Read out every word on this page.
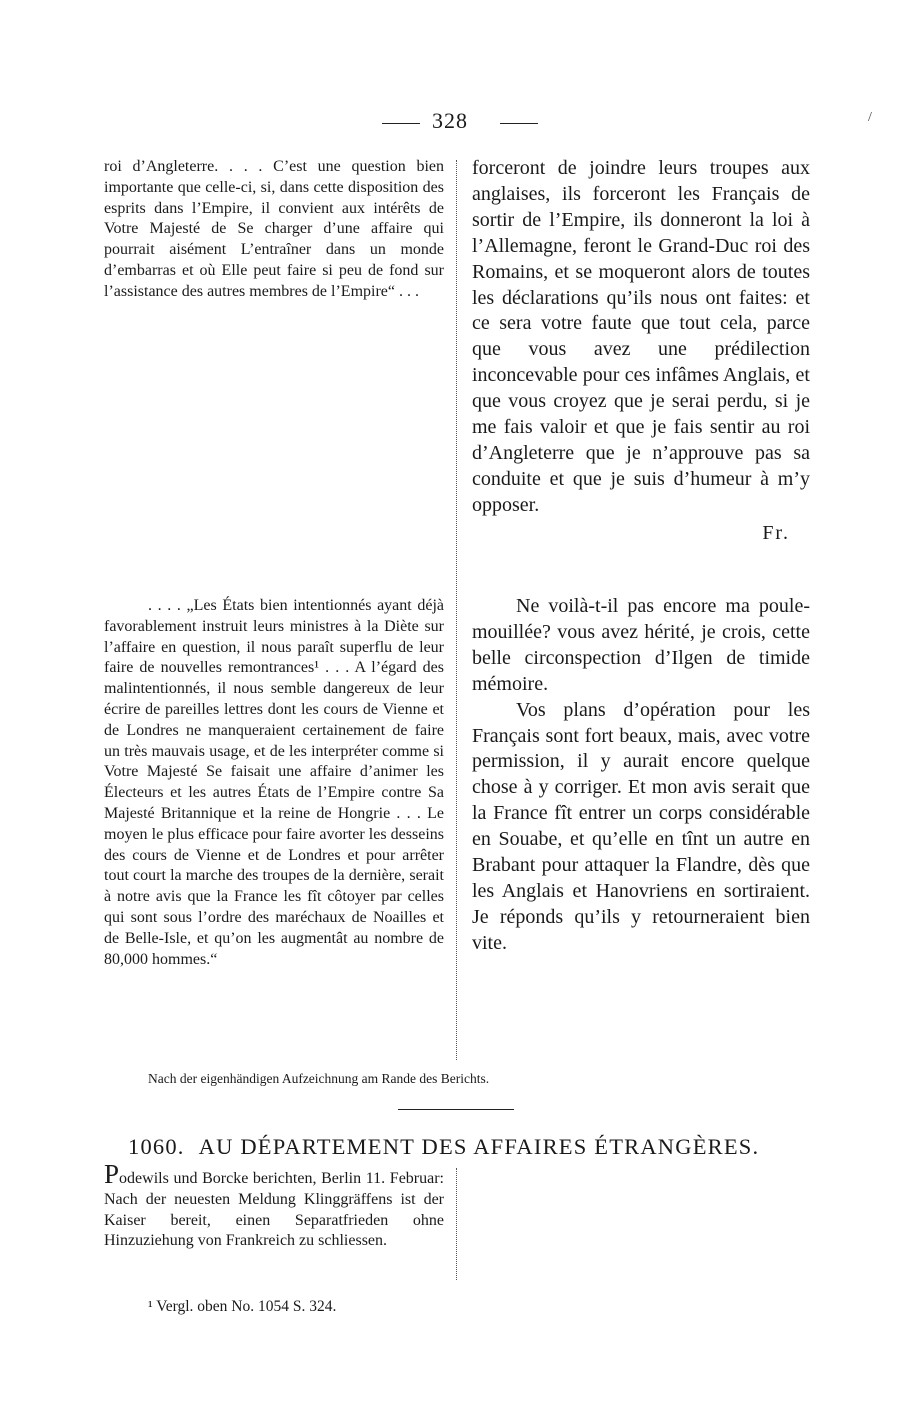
328	/

roi d’Angleterre. . . . C’est une question bien importante que celle-ci, si, dans cette disposition des esprits dans l’Empire, il convient aux intérêts de Votre Majesté de Se charger d’une affaire qui pourrait aisément L’entraîner dans un monde d’embarras et où Elle peut faire si peu de fond sur l’assistance des autres membres de l’Empire“ . . .

. . . . „Les États bien intentionnés ayant déjà favorablement instruit leurs ministres à la Diète sur l’affaire en question, il nous paraît superflu de leur faire de nouvelles remontrances¹ . . . A l’égard des malintentionnés, il nous semble dangereux de leur écrire de pareilles lettres dont les cours de Vienne et de Londres ne manqueraient certainement de faire un très mauvais usage, et de les interpréter comme si Votre Majesté Se faisait une affaire d’animer les Électeurs et les autres États de l’Empire contre Sa Majesté Britannique et la reine de Hongrie . . . Le moyen le plus efficace pour faire avorter les desseins des cours de Vienne et de Londres et pour arrêter tout court la marche des troupes de la dernière, serait à notre avis que la France les fît côtoyer par celles qui sont sous l’ordre des maréchaux de Noailles et de Belle-Isle, et qu’on les augmentât au nombre de 80,000 hommes.“

forceront de joindre leurs troupes aux anglaises, ils forceront les Français de sortir de l’Empire, ils donneront la loi à l’Allemagne, feront le Grand-Duc roi des Romains, et se moqueront alors de toutes les déclarations qu’ils nous ont faites: et ce sera votre faute que tout cela, parce que vous avez une prédilection inconcevable pour ces infâmes Anglais, et que vous croyez que je serai perdu, si je me fais valoir et que je fais sentir au roi d’Angleterre que je n’approuve pas sa conduite et que je suis d’humeur à m’y opposer.

Fr.

Ne voilà-t-il pas encore ma poule-mouillée? vous avez hérité, je crois, cette belle circonspection d’Ilgen de timide mémoire.

Vos plans d’opération pour les Français sont fort beaux, mais, avec votre permission, il y aurait encore quelque chose à y corriger. Et mon avis serait que la France fît entrer un corps considérable en Souabe, et qu’elle en tînt un autre en Brabant pour attaquer la Flandre, dès que les Anglais et Hanovriens en sortiraient. Je réponds qu’ils y retourneraient bien vite.

Nach der eigenhändigen Aufzeichnung am Rande des Berichts.
1060. AU DÉPARTEMENT DES AFFAIRES ÉTRANGÈRES.

Podewils und Borcke berichten, Berlin 11. Februar: Nach der neuesten Meldung Klinggräffens ist der Kaiser bereit, einen Separatfrieden ohne Hinzuziehung von Frankreich zu schliessen.

¹ Vergl. oben No. 1054 S. 324.
